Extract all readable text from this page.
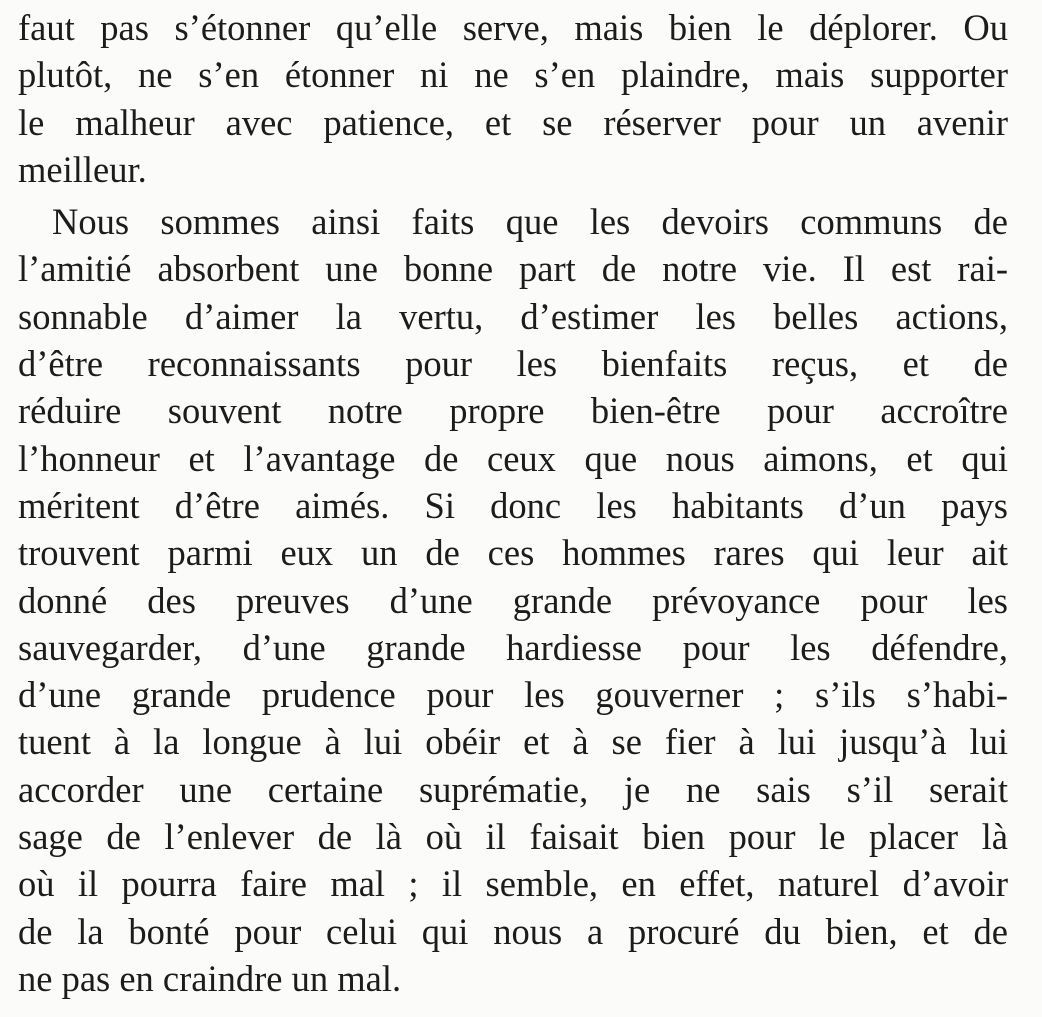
faut pas s’étonner qu’elle serve, mais bien le déplorer. Ou
plutôt, ne s’en étonner ni ne s’en plaindre, mais supporter
le malheur avec patience, et se réserver pour un avenir
meilleur.
Nous sommes ainsi faits que les devoirs communs de
l’amitié absorbent une bonne part de notre vie. Il est rai-
sonnable d’aimer la vertu, d’estimer les belles actions,
d’être reconnaissants pour les bienfaits reçus, et de
réduire souvent notre propre bien-être pour accroître
l’honneur et l’avantage de ceux que nous aimons, et qui
méritent d’être aimés. Si donc les habitants d’un pays
trouvent parmi eux un de ces hommes rares qui leur ait
donné des preuves d’une grande prévoyance pour les
sauvegarder, d’une grande hardiesse pour les défendre,
d’une grande prudence pour les gouverner ; s’ils s’habi-
tuent à la longue à lui obéir et à se fier à lui jusqu’à lui
accorder une certaine suprématie, je ne sais s’il serait
sage de l’enlever de là où il faisait bien pour le placer là
où il pourra faire mal ; il semble, en effet, naturel d’avoir
de la bonté pour celui qui nous a procuré du bien, et de
ne pas en craindre un mal.
